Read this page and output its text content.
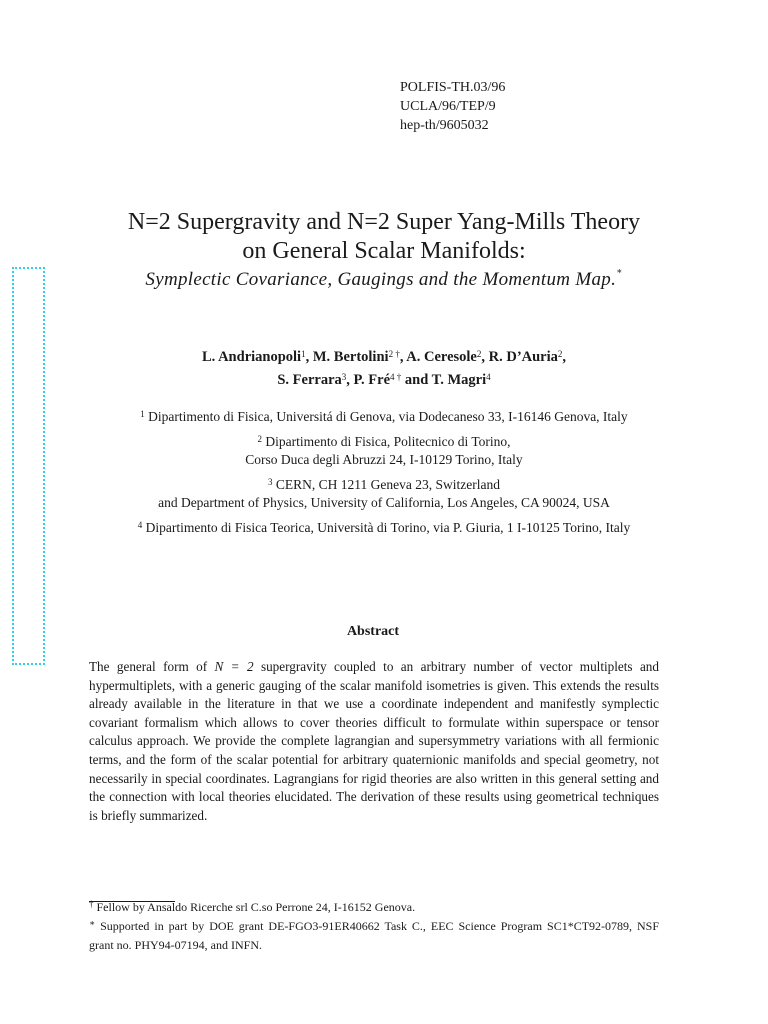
POLFIS-TH.03/96
UCLA/96/TEP/9
hep-th/9605032
N=2 Supergravity and N=2 Super Yang-Mills Theory
on General Scalar Manifolds:
Symplectic Covariance, Gaugings and the Momentum Map.∗
L. Andrianopoli$^1$, M. Bertolini$^{2 \dagger}$, A. Ceresole$^2$, R. D’Auria$^2$,
S. Ferrara$^3$, P. Fré$^{4 \dagger}$ and T. Magri$^4$
$^1$ Dipartimento di Fisica, Universitá di Genova, via Dodecaneso 33, I-16146 Genova, Italy
$^2$ Dipartimento di Fisica, Politecnico di Torino,
Corso Duca degli Abruzzi 24, I-10129 Torino, Italy
$^3$ CERN, CH 1211 Geneva 23, Switzerland
and Department of Physics, University of California, Los Angeles, CA 90024, USA
$^4$ Dipartimento di Fisica Teorica, Università di Torino, via P. Giuria, 1 I-10125 Torino, Italy
Abstract
The general form of N = 2 supergravity coupled to an arbitrary number of vector multiplets and hypermultiplets, with a generic gauging of the scalar manifold isometries is given. This extends the results already available in the literature in that we use a coordinate independent and manifestly symplectic covariant formalism which allows to cover theories difficult to formulate within superspace or tensor calculus approach. We provide the complete lagrangian and supersymmetry variations with all fermionic terms, and the form of the scalar potential for arbitrary quaternionic manifolds and special geometry, not necessarily in special coordinates. Lagrangians for rigid theories are also written in this general setting and the connection with local theories elucidated. The derivation of these results using geometrical techniques is briefly summarized.
† Fellow by Ansaldo Ricerche srl C.so Perrone 24, I-16152 Genova.
∗ Supported in part by DOE grant DE-FGO3-91ER40662 Task C., EEC Science Program SC1*CT92-0789, NSF grant no. PHY94-07194, and INFN.
